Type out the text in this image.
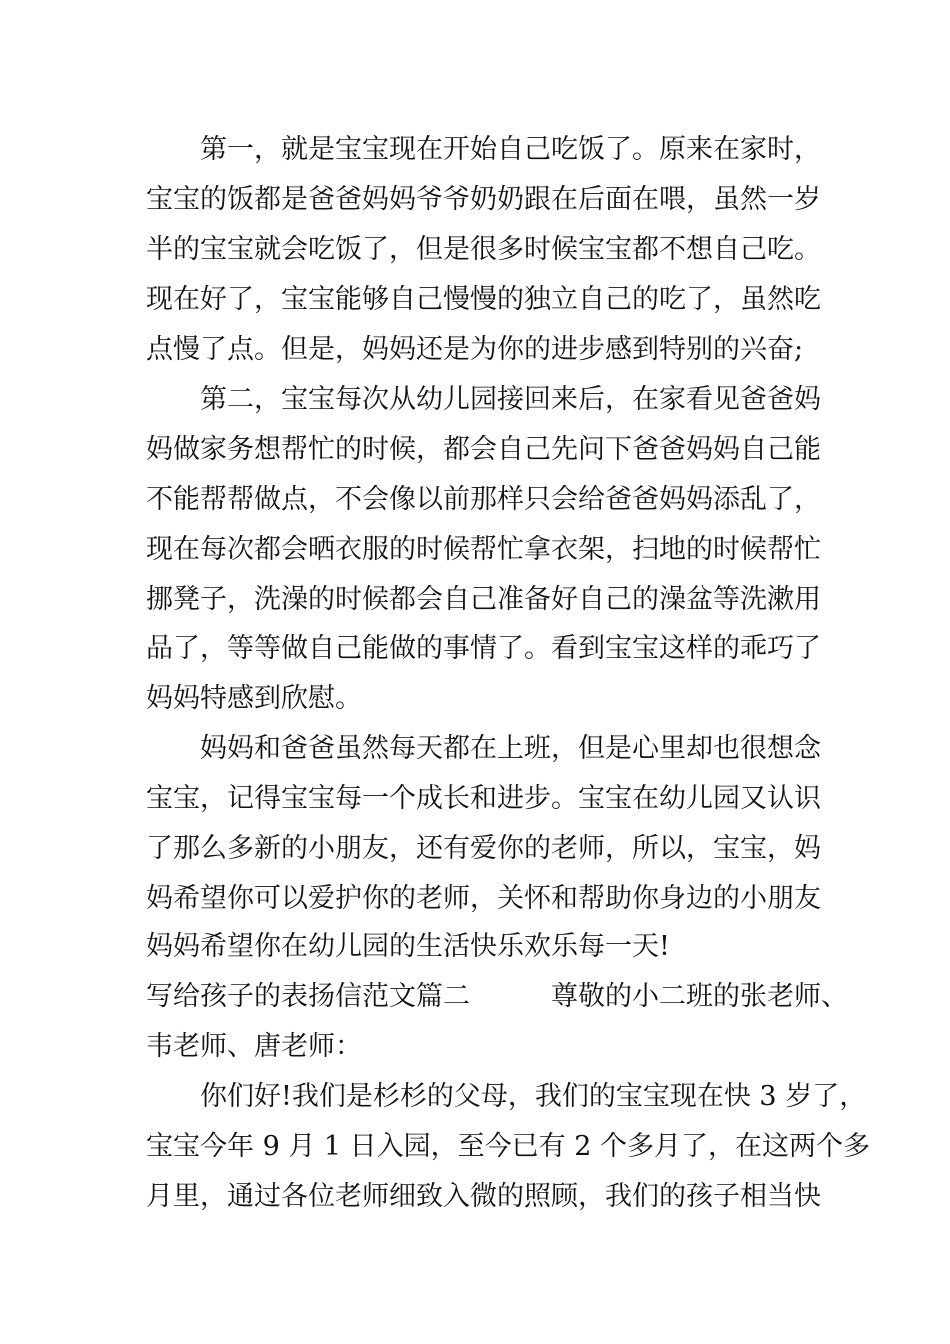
　　第一，就是宝宝现在开始自己吃饭了。原来在家时，
宝宝的饭都是爸爸妈妈爷爷奶奶跟在后面在喂，虽然一岁
半的宝宝就会吃饭了，但是很多时候宝宝都不想自己吃。
现在好了，宝宝能够自己慢慢的独立自己的吃了，虽然吃
点慢了点。但是，妈妈还是为你的进步感到特别的兴奋;
　　第二，宝宝每次从幼儿园接回来后，在家看见爸爸妈
妈做家务想帮忙的时候，都会自己先问下爸爸妈妈自己能
不能帮帮做点，不会像以前那样只会给爸爸妈妈添乱了，
现在每次都会晒衣服的时候帮忙拿衣架，扫地的时候帮忙
挪凳子，洗澡的时候都会自己准备好自己的澡盆等洗漱用
品了，等等做自己能做的事情了。看到宝宝这样的乖巧了
妈妈特感到欣慰。
　　妈妈和爸爸虽然每天都在上班，但是心里却也很想念
宝宝，记得宝宝每一个成长和进步。宝宝在幼儿园又认识
了那么多新的小朋友，还有爱你的老师，所以，宝宝，妈
妈希望你可以爱护你的老师，关怀和帮助你身边的小朋友
妈妈希望你在幼儿园的生活快乐欢乐每一天!
写给孩子的表扬信范文篇二　　　尊敬的小二班的张老师、
韦老师、唐老师：
　　你们好!我们是杉杉的父母，我们的宝宝现在快 3 岁了，
宝宝今年 9 月 1 日入园，至今已有 2 个多月了，在这两个多
月里，通过各位老师细致入微的照顾，我们的孩子相当快
